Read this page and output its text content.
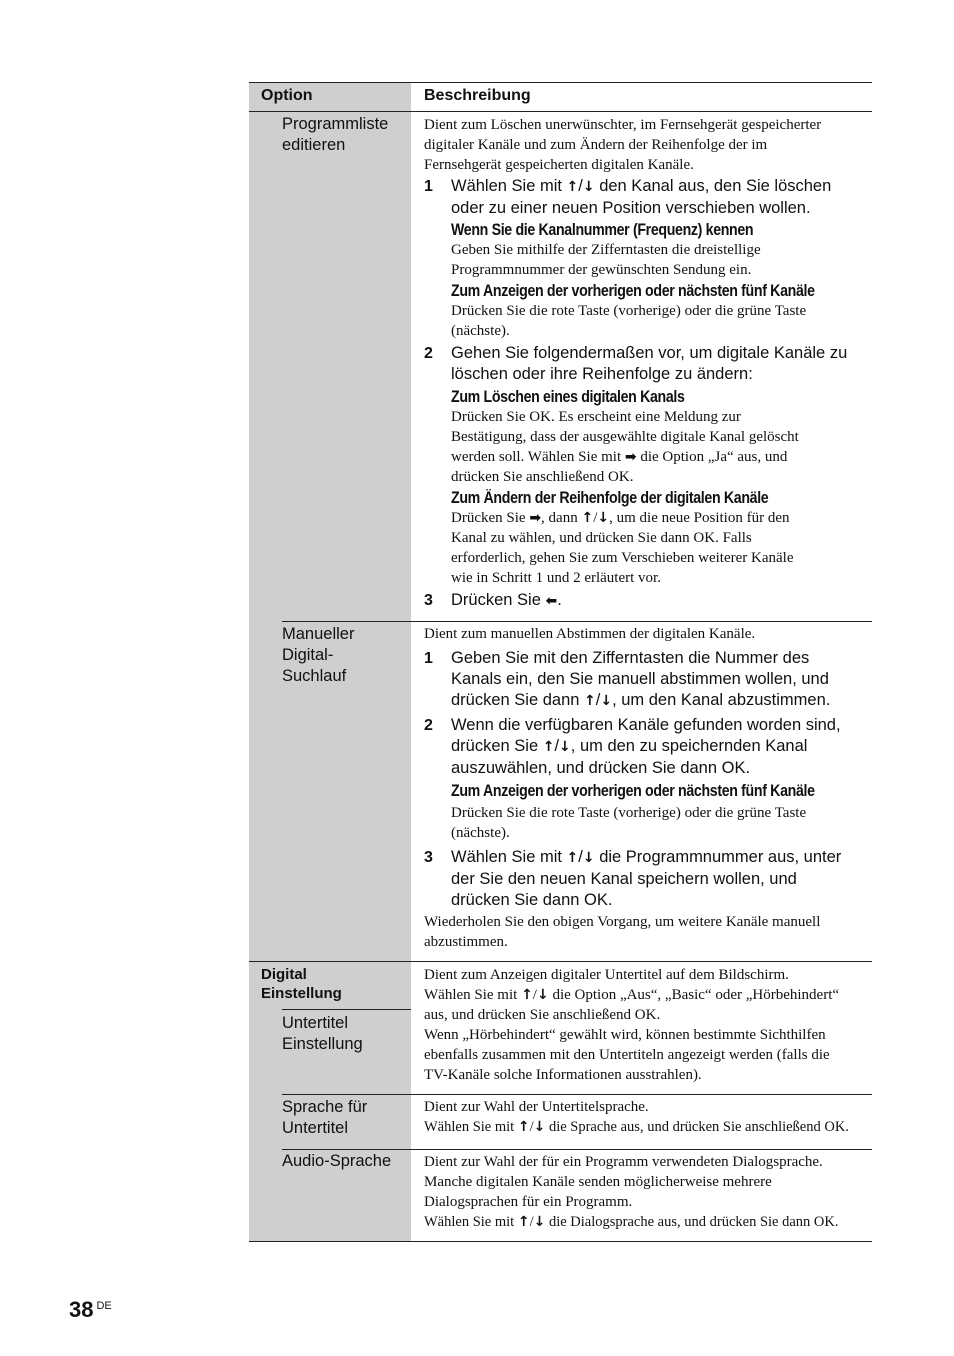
Option	Beschreibung
Programmliste
editieren
Dient zum Löschen unerwünschter, im Fernsehgerät gespeicherter
digitaler Kanäle und zum Ändern der Reihenfolge der im
Fernsehgerät gespeicherten digitalen Kanäle.
1 Wählen Sie mit ↑/↓ den Kanal aus, den Sie löschen
oder zu einer neuen Position verschieben wollen.
Wenn Sie die Kanalnummer (Frequenz) kennen
Geben Sie mithilfe der Zifferntasten die dreistellige
Programmnummer der gewünschten Sendung ein.
Zum Anzeigen der vorherigen oder nächsten fünf Kanäle
Drücken Sie die rote Taste (vorherige) oder die grüne Taste
(nächste).
2 Gehen Sie folgendermaßen vor, um digitale Kanäle zu
löschen oder ihre Reihenfolge zu ändern:
Zum Löschen eines digitalen Kanals
Drücken Sie OK. Es erscheint eine Meldung zur
Bestätigung, dass der ausgewählte digitale Kanal gelöscht
werden soll. Wählen Sie mit ➡ die Option „Ja“ aus, und
drücken Sie anschließend OK.
Zum Ändern der Reihenfolge der digitalen Kanäle
Drücken Sie ➡, dann ↑/↓, um die neue Position für den
Kanal zu wählen, und drücken Sie dann OK. Falls
erforderlich, gehen Sie zum Verschieben weiterer Kanäle
wie in Schritt 1 und 2 erläutert vor.
3 Drücken Sie ⬅.
Manueller
Digital-
Suchlauf
Dient zum manuellen Abstimmen der digitalen Kanäle.
1 Geben Sie mit den Zifferntasten die Nummer des
Kanals ein, den Sie manuell abstimmen wollen, und
drücken Sie dann ↑/↓, um den Kanal abzustimmen.
2 Wenn die verfügbaren Kanäle gefunden worden sind,
drücken Sie ↑/↓, um den zu speichernden Kanal
auszuwählen, und drücken Sie dann OK.
Zum Anzeigen der vorherigen oder nächsten fünf Kanäle
Drücken Sie die rote Taste (vorherige) oder die grüne Taste
(nächste).
3 Wählen Sie mit ↑/↓ die Programmnummer aus, unter
der Sie den neuen Kanal speichern wollen, und
drücken Sie dann OK.
Wiederholen Sie den obigen Vorgang, um weitere Kanäle manuell
abzustimmen.
Digital
Einstellung
Untertitel
Einstellung
Dient zum Anzeigen digitaler Untertitel auf dem Bildschirm.
Wählen Sie mit ↑/↓ die Option „Aus“, „Basic“ oder „Hörbehindert“
aus, und drücken Sie anschließend OK.
Wenn „Hörbehindert“ gewählt wird, können bestimmte Sichthilfen
ebenfalls zusammen mit den Untertiteln angezeigt werden (falls die
TV-Kanäle solche Informationen ausstrahlen).
Sprache für
Untertitel
Dient zur Wahl der Untertitelsprache.
Wählen Sie mit ↑/↓ die Sprache aus, und drücken Sie anschließend OK.
Audio-Sprache Dient zur Wahl der für ein Programm verwendeten Dialogsprache.
Manche digitalen Kanäle senden möglicherweise mehrere
Dialogsprachen für ein Programm.
Wählen Sie mit ↑/↓ die Dialogsprache aus, und drücken Sie dann OK.
38 $^{DE}$
